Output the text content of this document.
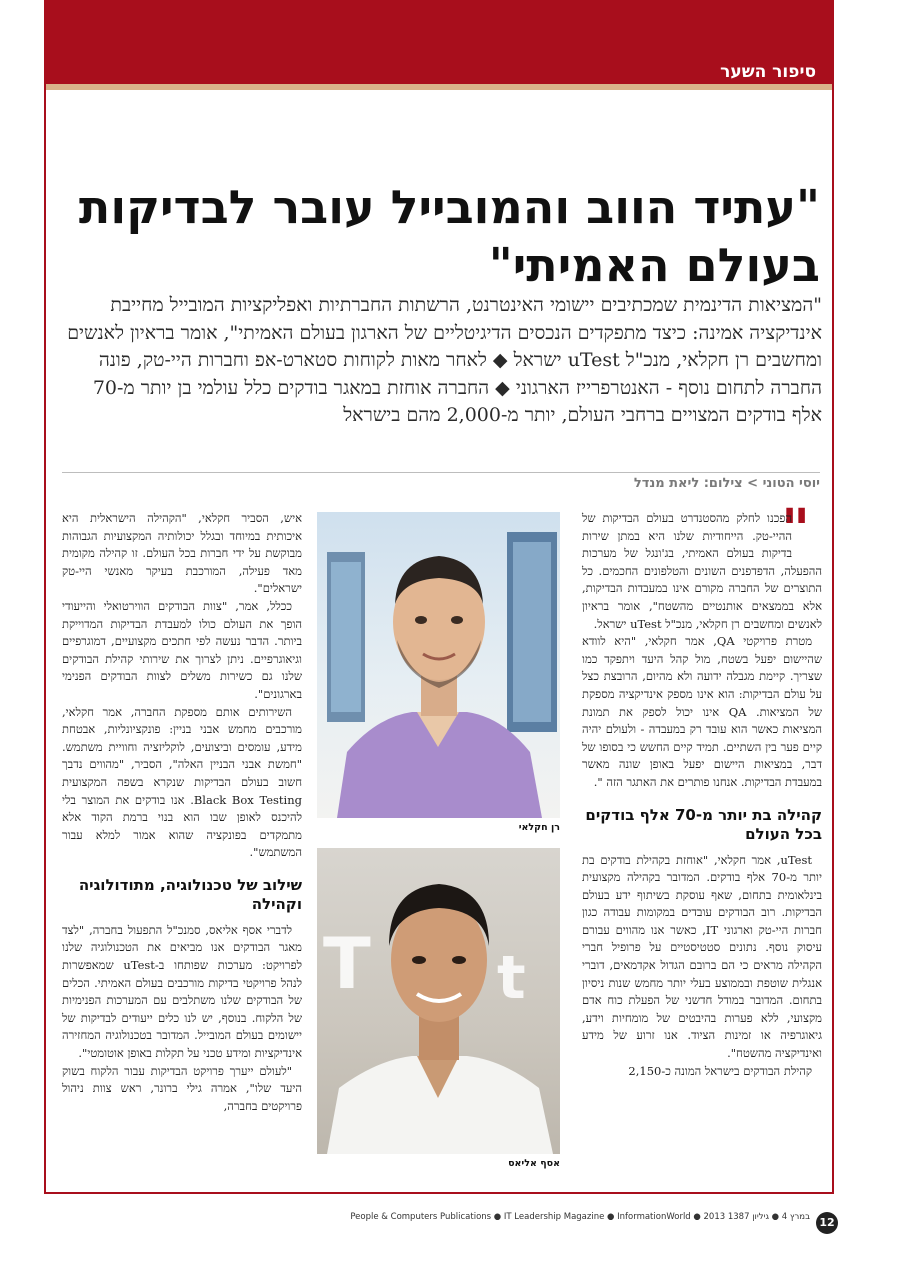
סיפור השער
"עתיד הווב והמובייל עובר לבדיקות בעולם האמיתי"
"המציאות הדינמית שמכתיבים יישומי האינטרנט, הרשתות החברתיות ואפליקציות המובייל מחייבת אינדיקציה אמינה: כיצד מתפקדים הנכסים הדיגיטליים של הארגון בעולם האמיתי", אומר בראיון לאנשים ומחשבים רן חקלאי, מנכ"ל uTest ישראל ◆ לאחר מאות לקוחות סטארט-אפ וחברות היי-טק, פונה החברה לתחום נוסף - האנטרפרייז הארגוני ◆ החברה אוחזת במאגר בודקים כלל עולמי בן יותר מ-70 אלף בודקים המצויים ברחבי העולם, יותר מ-2,000 מהם בישראל
יוסי הטוני > צילום: ליאת מנדל
"

הפכנו לחלק מהסטנדרט בעולם הבדיקות של ההיי-טק. הייחודיות שלנו היא במתן שירות בדיקות בעולם האמיתי, בג'ונגל של מערכות ההפעלה, הדפדפנים השונים והטלפונים החכמים. כל התוצרים של החברה מקורם אינו במעבדות הבדיקות, אלא בממצאים אותנטיים מהשטח", אומר בראיון לאנשים ומחשבים רן חקלאי, מנכ"ל uTest ישראל.

מטרת פרויקטי QA, אמר חקלאי, "היא לוודא שהיישום יפעל בשטח, מול קהל היעד ויתפקד כמו שצריך. קיימת מגבלה ידועה ולא מהיום, הרובצת כצל על עולם הבדיקות: הוא אינו מספק אינדיקציה מספקת של המציאות. QA אינו יכול לספק את תמונת המציאות כאשר הוא עובד רק במעבדה - ולעולם יהיה קיים פער בין השתיים. תמיד קיים החשש כי בסופו של דבר, במציאות היישום יפעל באופן שונה מאשר במעבדת הבדיקות. אנחנו פותרים את האתגר הזה ".

קהילה בת יותר מ-70 אלף בודקים בכל העולם

uTest, אמר חקלאי, "אוחזת בקהילת בודקים בת יותר מ-70 אלף בודקים. המדובר בקהילה מקצועית בינלאומית בתחום, שאף עוסקת בשיתוף ידע בעולם הבדיקות. רוב הבודקים עובדים במקומות עבודה כגון חברות היי-טק וארגוני IT, כאשר אנו מהווים עבורם עיסוק נוסף. נתונים סטטיסטיים על פרופיל חברי הקהילה מראים כי הם ברובם הגדול אקדמאים, דוברי אנגלית שוטפת ובממוצע בעלי יותר מחמש שנות ניסיון בתחום. המדובר במודל חדשני של הפעלת כוח אדם מקצועי, ללא פערות בהיבטים של מומחיות וידע, גיאוגרפיה או זמינות הציוד. אנו זרוע של מידע ואינדיקציה מהשטח".

קהילת הבודקים בישראל המונה כ-2,150

איש, הסביר חקלאי, "הקהילה הישראלית היא איכותית במיוחד ובגלל יכולותיה המקצועיות הגבוהות מבוקשת על ידי חברות בכל העולם. זו קהילה מקומית מאד פעילה, המורכבת בעיקר מאנשי היי-טק ישראלים".

ככלל, אמר, "צוות הבודקים הווירטואלי והייעודי הופך את העולם כולו למעבדת הבדיקות המדוייקת ביותר. הדבר נעשה לפי חתכים מקצועיים, דמוגרפיים וגיאוגרפיים. ניתן לצרוך את שירותי קהילת הבודקים שלנו גם כשירות משלים לצוות הבודקים הפנימי בארגונים".

השירותים אותם מספקת החברה, אמר חקלאי, מורכבים מחמש אבני בניין: פונקציונליות, אבטחת מידע, עומסים וביצועים, לוקליזציה וחוויית משתמש. "חמשת אבני הבניין האלה", הסביר, "מהווים נדבך חשוב בעולם הבדיקות שנקרא בשפה המקצועית Black Box Testing. אנו בודקים את המוצר בלי להיכנס לאופן שבו הוא בנוי ברמת הקוד אלא מתמקדים בפונקציה שהוא אמור למלא עבור המשתמש".

שילוב של טכנולוגיה, מתודולוגיה וקהילה

לדברי אסף אליאס, סמנכ"ל התפעול בחברה, "לצד מאגר הבודקים אנו מביאים את הטכנולוגיה שלנו לפרויקט: מערכות שפותחו ב-uTest שמאפשרות לנהל פרויקטי בדיקות מורכבים בעולם האמיתי. הכלים של הבודקים שלנו משתלבים עם המערכות הפנימיות של הלקוח. בנוסף, יש לנו כלים ייעודים לבדיקות של יישומים בעולם המובייל. המדובר בטכנולוגיה המחזירה אינדיקציות ומידע טכני על תקלות באופן אוטומטי".

"לעולם ייערך פרויקט הבדיקות עבור הלקוח בשוק היעד שלו", אמרה גילי ברונר, ראש צוות ניהול פרויקטים בחברה,

רן חקלאי
T t
אסף אליאס
People & Computers Publications ● IT Leadership Magazine ● InformationWorld ● 2013 במרץ 4 ● גיליון 1387 12
